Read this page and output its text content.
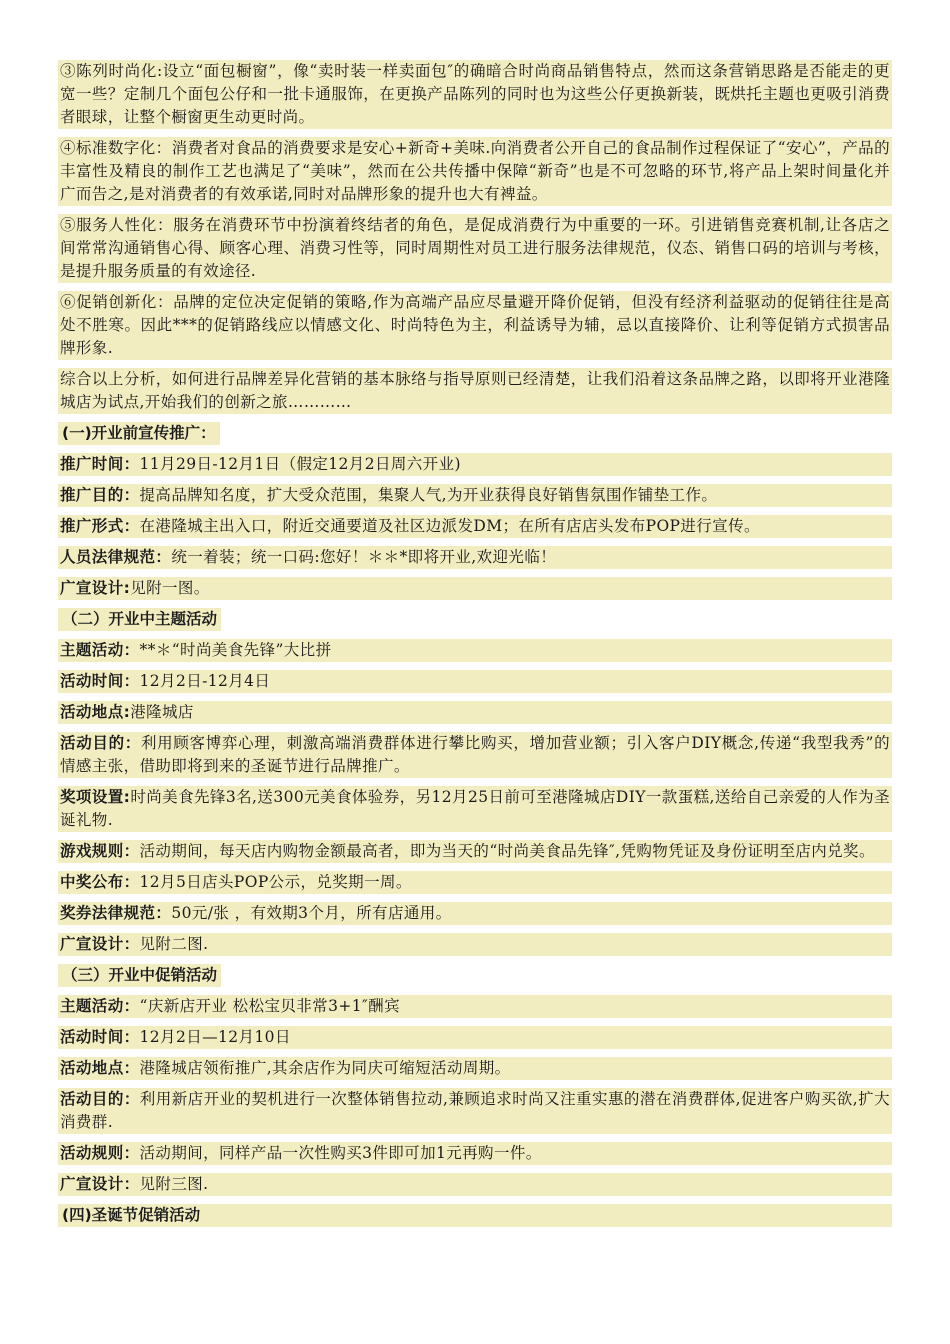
③陈列时尚化:设立“面包橱窗”，像“卖时装一样卖面包″的确暗合时尚商品销售特点，然而这条营销思路是否能走的更宽一些？定制几个面包公仔和一批卡通服饰，在更换产品陈列的同时也为这些公仔更换新装，既烘托主题也更吸引消费者眼球，让整个橱窗更生动更时尚。
④标准数字化：消费者对食品的消费要求是安心+新奇+美味.向消费者公开自己的食品制作过程保证了“安心”，产品的丰富性及精良的制作工艺也满足了“美味”，然而在公共传播中保障“新奇”也是不可忽略的环节,将产品上架时间量化并广而告之,是对消费者的有效承诺,同时对品牌形象的提升也大有裨益。
⑤服务人性化：服务在消费环节中扮演着终结者的角色，是促成消费行为中重要的一环。引进销售竞赛机制,让各店之间常常沟通销售心得、顾客心理、消费习性等，同时周期性对员工进行服务法律规范，仪态、销售口码的培训与考核，是提升服务质量的有效途径.
⑥促销创新化：品牌的定位决定促销的策略,作为高端产品应尽量避开降价促销，但没有经济利益驱动的促销往往是高处不胜寒。因此***的促销路线应以情感文化、时尚特色为主，利益诱导为辅，忌以直接降价、让利等促销方式损害品牌形象.
综合以上分析，如何进行品牌差异化营销的基本脉络与指导原则已经清楚，让我们沿着这条品牌之路，以即将开业港隆城店为试点,开始我们的创新之旅…………
(一)开业前宣传推广：
推广时间：11月29日-12月1日（假定12月2日周六开业)
推广目的：提高品牌知名度，扩大受众范围，集聚人气,为开业获得良好销售氛围作铺垫工作。
推广形式：在港隆城主出入口，附近交通要道及社区边派发DM；在所有店店头发布POP进行宣传。
人员法律规范：统一着装；统一口码:您好！＊＊*即将开业,欢迎光临！
广宣设计:见附一图。
（二）开业中主题活动
主题活动：**＊“时尚美食先锋”大比拼
活动时间：12月2日-12月4日
活动地点:港隆城店
活动目的：利用顾客博弈心理，刺激高端消费群体进行攀比购买，增加营业额；引入客户DIY概念,传递“我型我秀”的情感主张，借助即将到来的圣诞节进行品牌推广。
奖项设置:时尚美食先锋3名,送300元美食体验券，另12月25日前可至港隆城店DIY一款蛋糕,送给自己亲爱的人作为圣诞礼物.
游戏规则：活动期间，每天店内购物金额最高者，即为当天的“时尚美食品先锋″,凭购物凭证及身份证明至店内兑奖。
中奖公布：12月5日店头POP公示，兑奖期一周。
奖券法律规范：50元/张 ，有效期3个月，所有店通用。
广宣设计：见附二图.
（三）开业中促销活动
主题活动：“庆新店开业 松松宝贝非常3+1″酬宾
活动时间：12月2日—12月10日
活动地点：港隆城店领衔推广,其余店作为同庆可缩短活动周期。
活动目的：利用新店开业的契机进行一次整体销售拉动,兼顾追求时尚又注重实惠的潜在消费群体,促进客户购买欲,扩大消费群.
活动规则：活动期间，同样产品一次性购买3件即可加1元再购一件。
广宣设计：见附三图.
(四)圣诞节促销活动
